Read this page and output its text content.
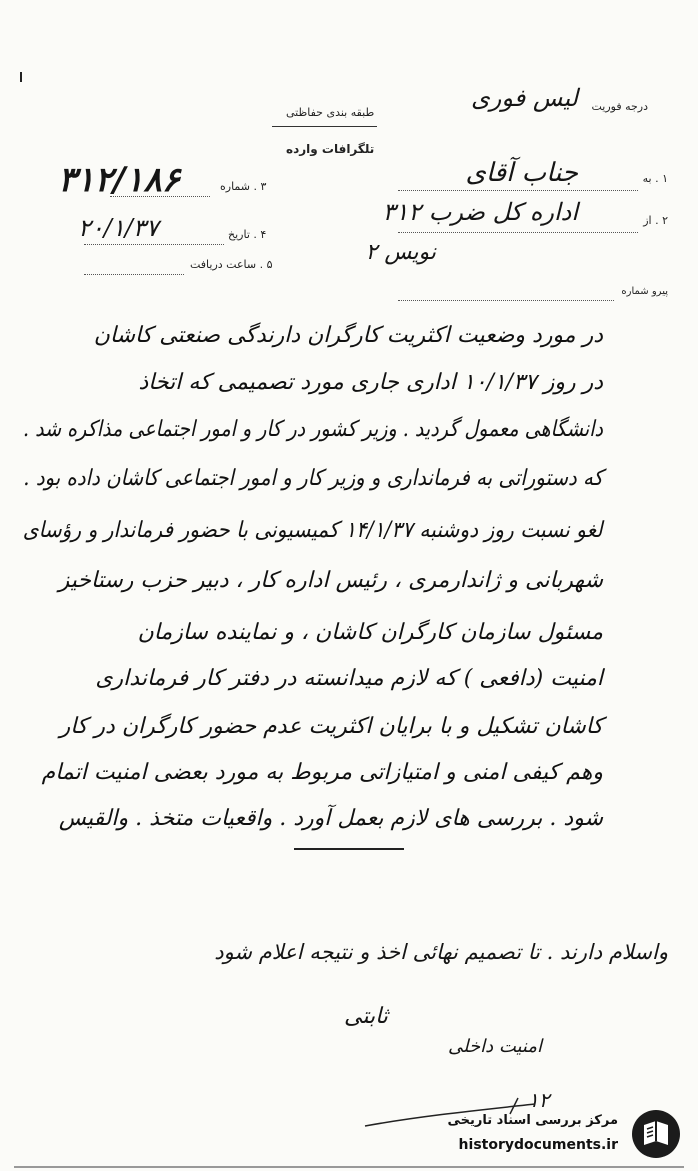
درجه فوریت
لیس فوری
طبقه بندی حفاظتی
تلگرافات وارده
۱ . به
جناب آقای
۳ . شماره
۳۱۲/۱۸۶
۲ . از
اداره کل ضرب ۳۱۲
۴ . تاریخ
۲۰/۱/۳۷
۵ . ساعت دریافت	نویس ۲
پیرو شماره
در مورد وضعیت اکثریت کارگران دارندگی صنعتی کاشان
در روز ۱۰/۱/۳۷ اداری جاری مورد تصمیمی که اتخاذ
دانشگاهی معمول گردید . وزیر کشور در کار و امور اجتماعی مذاکره شد .
که دستوراتی به فرمانداری و وزیر کار و امور اجتماعی کاشان داده بود .
لغو نسبت روز دوشنبه ۱۴/۱/۳۷ کمیسیونی با حضور فرماندار و رؤسای
شهربانی و ژاندارمری ، رئیس اداره کار ، دبیر حزب رستاخیز
مسئول سازمان کارگران کاشان ، و نماینده سازمان
امنیت (دافعی ) که لازم میدانسته در دفتر کار فرمانداری
کاشان تشکیل و با برایان اکثریت عدم حضور کارگران در کار
وهم کیفی امنی و امتیازاتی مربوط به مورد بعضی امنیت اتمام
شود . بررسی های لازم بعمل آورد . واقعیات متخذ . والقیس
واسلام دارند . تا تصمیم نهائی اخذ و نتیجه اعلام شود
ثابتی
امنیت داخلی
۱۲
مرکز بررسی اسناد تاریخی
historydocuments.ir
